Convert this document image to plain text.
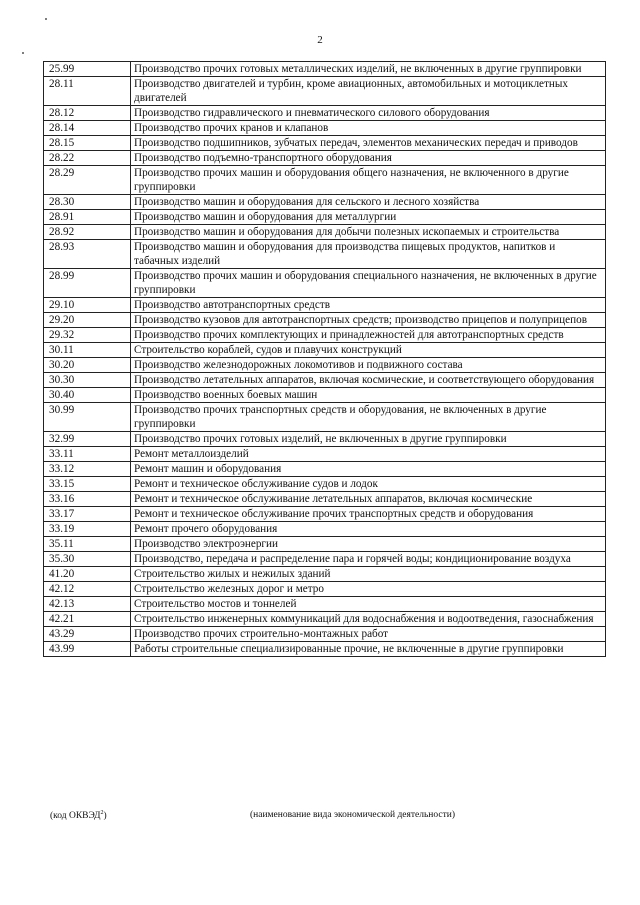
2
25.99	Производство прочих готовых металлических изделий, не включенных в другие группировки
28.11	Производство двигателей и турбин, кроме авиационных, автомобильных и мотоциклетных двигателей
28.12	Производство гидравлического и пневматического силового оборудования
28.14	Производство прочих кранов и клапанов
28.15	Производство подшипников, зубчатых передач, элементов механических передач и приводов
28.22	Производство подъемно-транспортного оборудования
28.29	Производство прочих машин и оборудования общего назначения, не включенного в другие группировки
28.30	Производство машин и оборудования для сельского и лесного хозяйства
28.91	Производство машин и оборудования для металлургии
28.92	Производство машин и оборудования для добычи полезных ископаемых и строительства
28.93	Производство машин и оборудования для производства пищевых продуктов, напитков и табачных изделий
28.99	Производство прочих машин и оборудования специального назначения, не включенных в другие группировки
29.10	Производство автотранспортных средств
29.20	Производство кузовов для автотранспортных средств; производство прицепов и полуприцепов
29.32	Производство прочих комплектующих и принадлежностей для автотранспортных средств
30.11	Строительство кораблей, судов и плавучих конструкций
30.20	Производство железнодорожных локомотивов и подвижного состава
30.30	Производство летательных аппаратов, включая космические, и соответствующего оборудования
30.40	Производство военных боевых машин
30.99	Производство прочих транспортных средств и оборудования, не включенных в другие группировки
32.99	Производство прочих готовых изделий, не включенных в другие группировки
33.11	Ремонт металлоизделий
33.12	Ремонт машин и оборудования
33.15	Ремонт и техническое обслуживание судов и лодок
33.16	Ремонт и техническое обслуживание летательных аппаратов, включая космические
33.17	Ремонт и техническое обслуживание прочих транспортных средств и оборудования
33.19	Ремонт прочего оборудования
35.11	Производство электроэнергии
35.30	Производство, передача и распределение пара и горячей воды; кондиционирование воздуха
41.20	Строительство жилых и нежилых зданий
42.12	Строительство железных дорог и метро
42.13	Строительство мостов и тоннелей
42.21	Строительство инженерных коммуникаций для водоснабжения и водоотведения, газоснабжения
43.29	Производство прочих строительно-монтажных работ
43.99	Работы строительные специализированные прочие, не включенные в другие группировки
(код ОКВЭД$^2$)	(наименование вида экономической деятельности)
